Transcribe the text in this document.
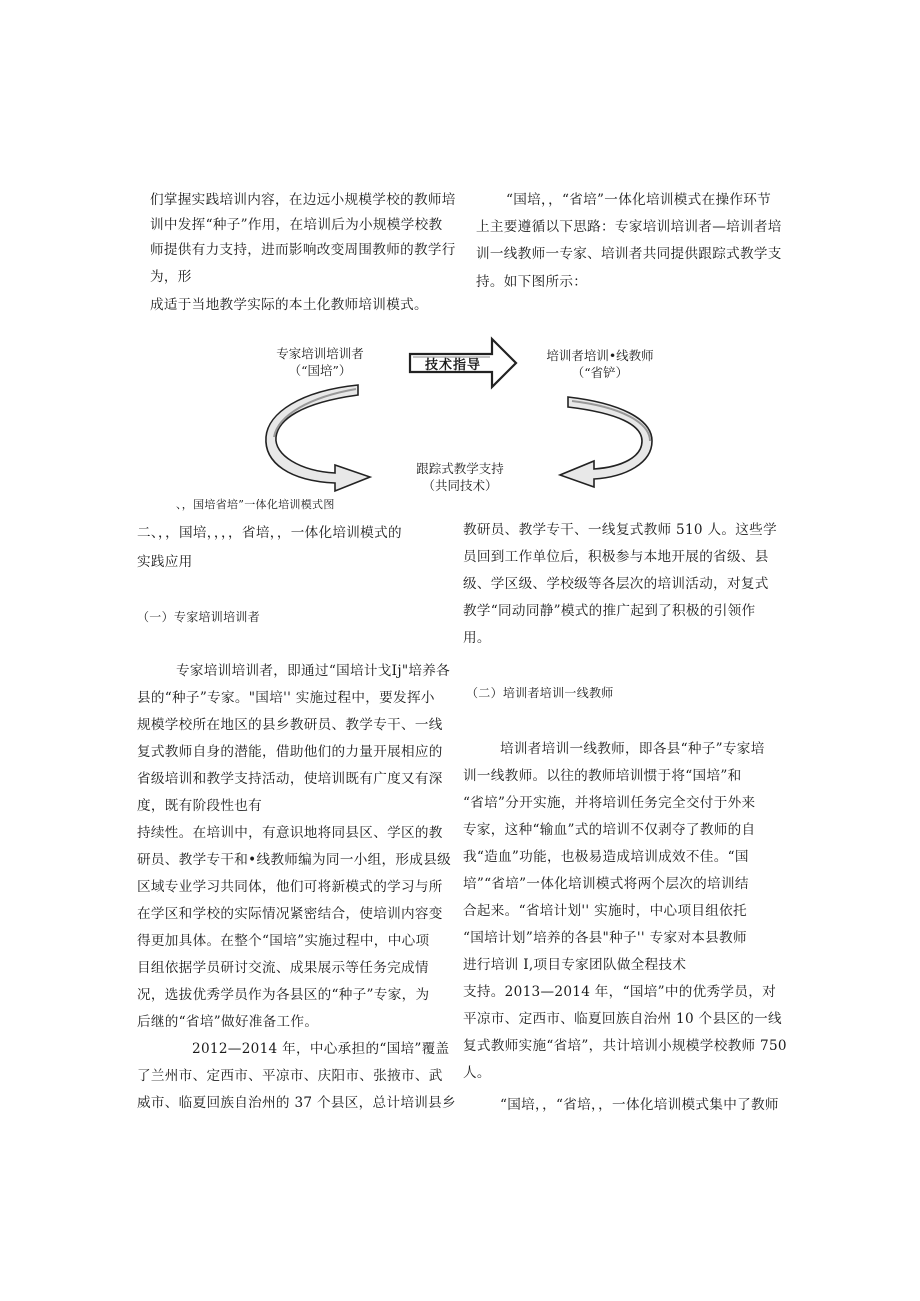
们掌握实践培训内容，在边远小规模学校的教师培
训中发挥“种子”作用，在培训后为小规模学校教
师提供有力支持，进而影响改变周围教师的教学行
为，形
成适于当地教学实际的本土化教师培训模式。
“国培，，“省培”一体化培训模式在操作环节
上主要遵循以下思路：专家培训培训者—培训者培
训一线教师一专家、培训者共同提供跟踪式教学支
持。如下图所示：
技术指导
专家培训培训者
（“国培”）
培训者培训•线教师
（“省铲）
跟踪式教学支持
（共同技术）
、，国培省培”一体化培训模式图
二、，，国培，，，，省培，，一体化培训模式的
实践应用
（一）专家培训培训者
专家培训培训者，即通过“国培计戈Ij"培养各
县的“种子”专家。"国培'' 实施过程中，要发挥小
规模学校所在地区的县乡教研员、教学专干、一线
复式教师自身的潜能，借助他们的力量开展相应的
省级培训和教学支持活动，使培训既有广度又有深
度，既有阶段性也有
持续性。在培训中，有意识地将同县区、学区的教
研员、教学专干和•线教师编为同一小组，形成县级
区域专业学习共同体，他们可将新模式的学习与所
在学区和学校的实际情况紧密结合，使培训内容变
得更加具体。在整个“国培”实施过程中，中心项
目组依据学员研讨交流、成果展示等任务完成情
况，选拔优秀学员作为各县区的“种子”专家，为
后继的“省培”做好准备工作。
2012—2014 年，中心承担的“国培”覆盖
了兰州市、定西市、平凉市、庆阳市、张掖市、武
威市、临夏回族自治州的 37 个县区，总计培训县乡
教研员、教学专干、一线复式教师 510 人。这些学
员回到工作单位后，积极参与本地开展的省级、县
级、学区级、学校级等各层次的培训活动，对复式
教学“同动同静”模式的推广起到了积极的引领作
用。
（二）培训者培训一线教师
培训者培训一线教师，即各县“种子”专家培
训一线教师。以往的教师培训惯于将“国培”和
“省培”分开实施，并将培训任务完全交付于外来
专家，这种“输血”式的培训不仅剥夺了教师的自
我“造血”功能，也极易造成培训成效不佳。“国
培”“省培”一体化培训模式将两个层次的培训结
合起来。“省培计划'' 实施时，中心项目组依托
“国培计划”培养的各县"种子'' 专家对本县教师
进行培训 I,项目专家团队做全程技术
支持。2013—2014 年，“国培”中的优秀学员，对
平凉市、定西市、临夏回族自治州 10 个县区的一线
复式教师实施“省培”，共计培训小规模学校教师 750
人。
“国培，，“省培，，一体化培训模式集中了教师
